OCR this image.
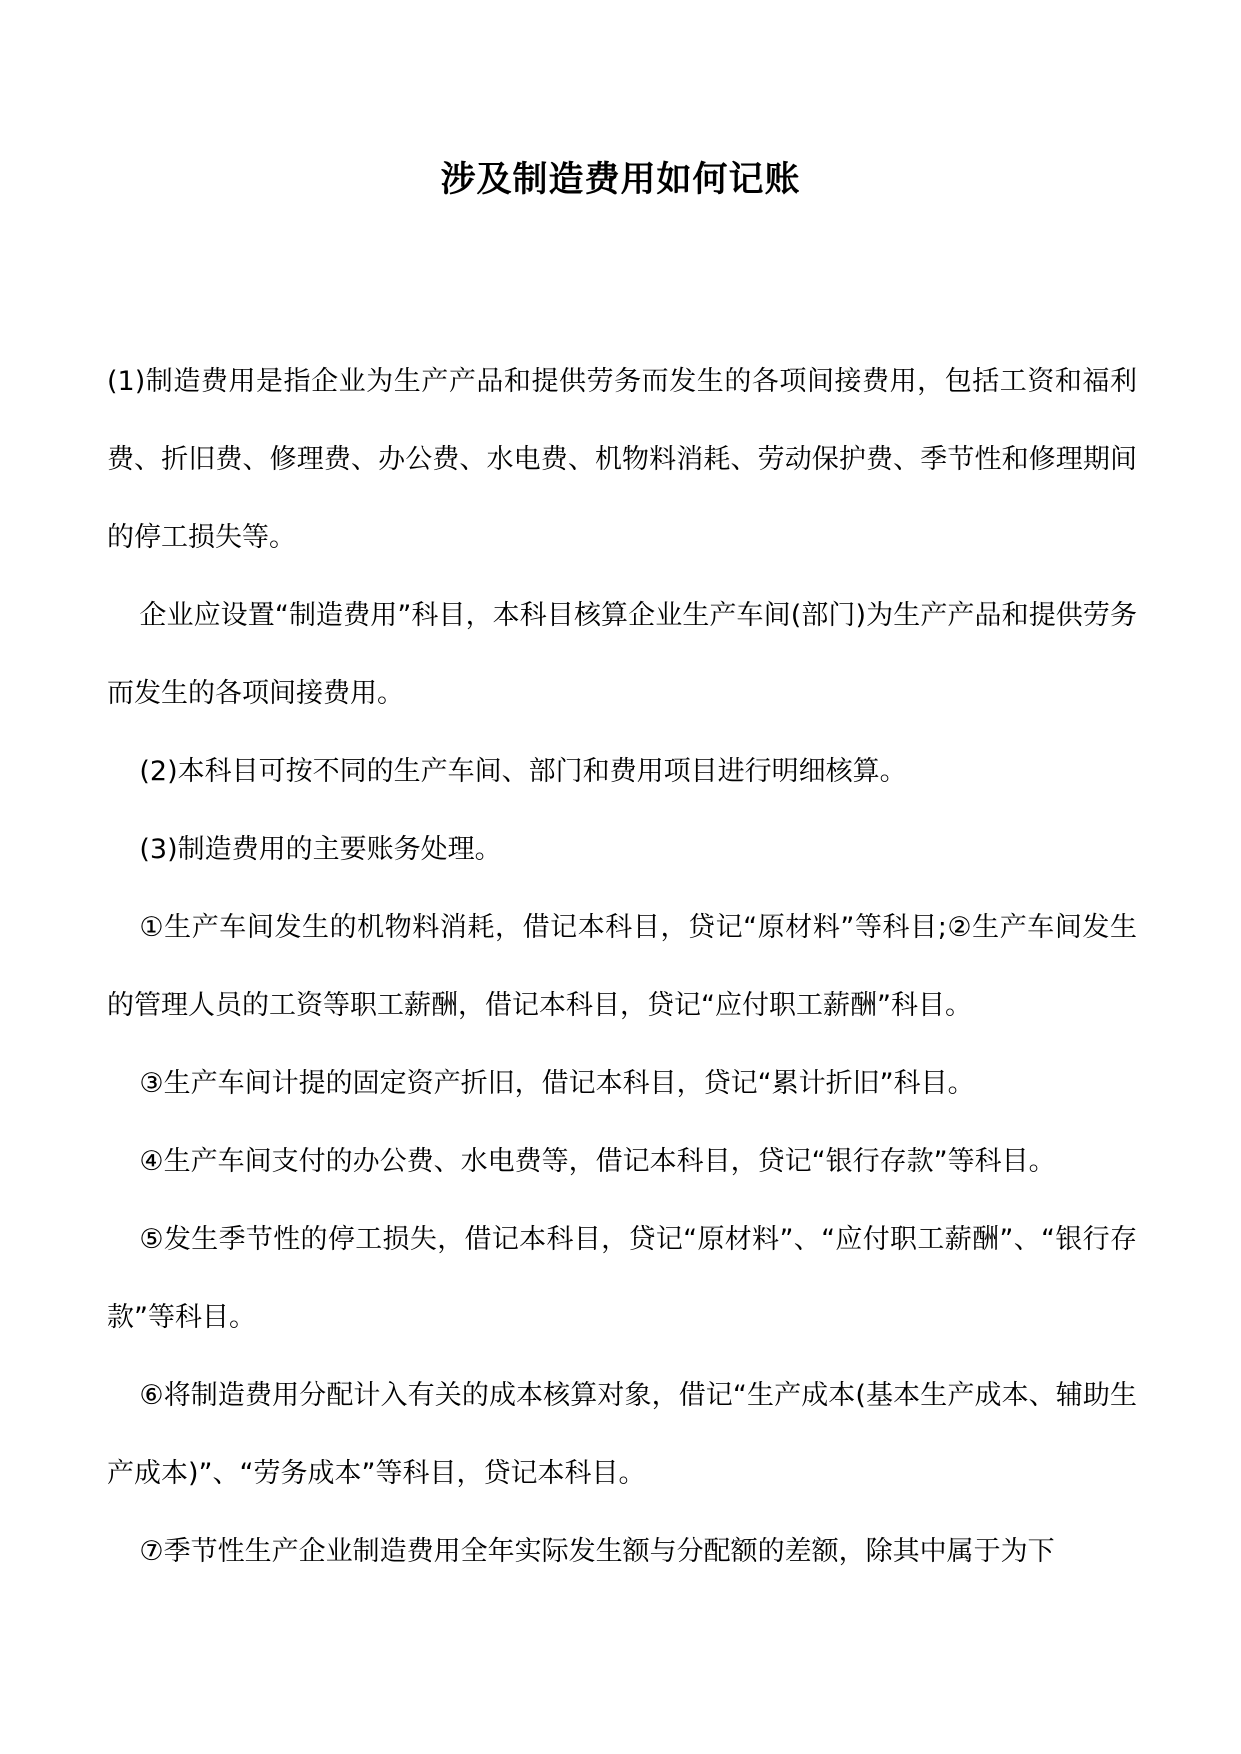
涉及制造费用如何记账

(1)制造费用是指企业为生产产品和提供劳务而发生的各项间接费用，包括工资和福利费、折旧费、修理费、办公费、水电费、机物料消耗、劳动保护费、季节性和修理期间的停工损失等。

企业应设置“制造费用”科目，本科目核算企业生产车间(部门)为生产产品和提供劳务而发生的各项间接费用。

(2)本科目可按不同的生产车间、部门和费用项目进行明细核算。

(3)制造费用的主要账务处理。

①生产车间发生的机物料消耗，借记本科目，贷记“原材料”等科目;②生产车间发生的管理人员的工资等职工薪酬，借记本科目，贷记“应付职工薪酬”科目。

③生产车间计提的固定资产折旧，借记本科目，贷记“累计折旧”科目。

④生产车间支付的办公费、水电费等，借记本科目，贷记“银行存款”等科目。

⑤发生季节性的停工损失，借记本科目，贷记“原材料”、“应付职工薪酬”、“银行存款”等科目。

⑥将制造费用分配计入有关的成本核算对象，借记“生产成本(基本生产成本、辅助生产成本)”、“劳务成本”等科目，贷记本科目。

⑦季节性生产企业制造费用全年实际发生额与分配额的差额，除其中属于为下
